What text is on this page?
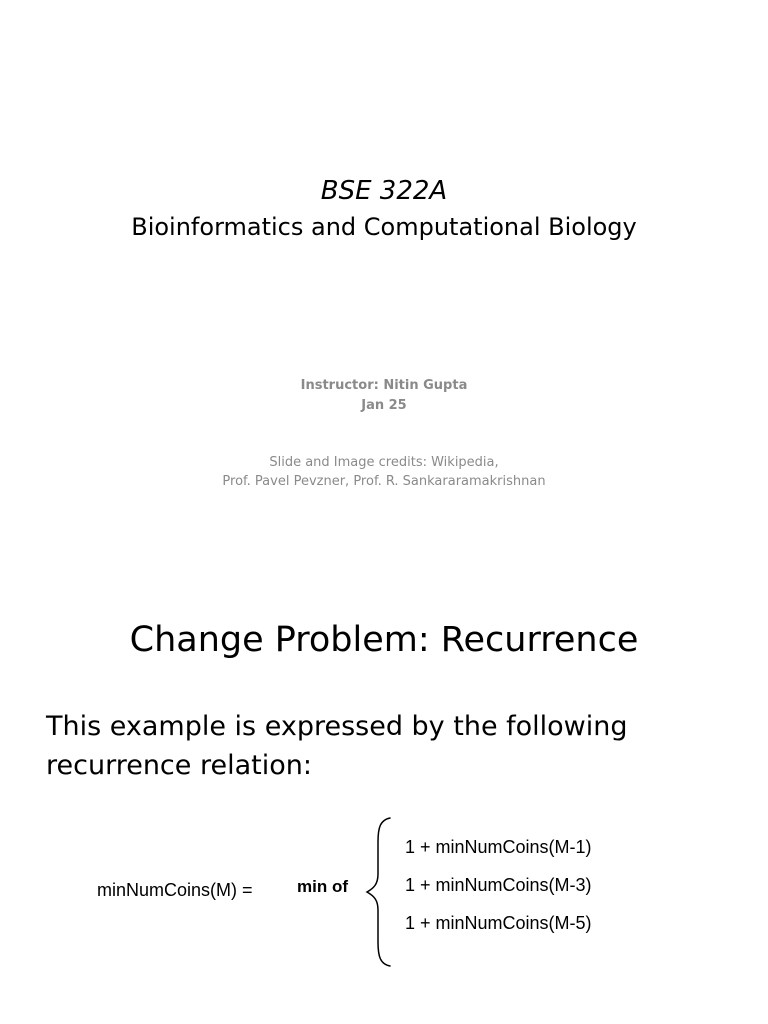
BSE 322A
Bioinformatics and Computational Biology
Instructor: Nitin Gupta
Jan 25
Slide and Image credits: Wikipedia,
Prof. Pavel Pevzner, Prof. R. Sankararamakrishnan
Change Problem: Recurrence
This example is expressed by the following recurrence relation:
minNumCoins(M) =	min of
1 + minNumCoins(M-1)
1 + minNumCoins(M-3)
1 + minNumCoins(M-5)
